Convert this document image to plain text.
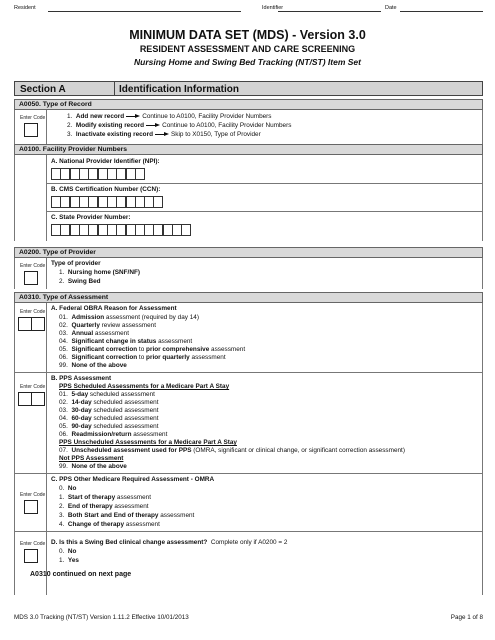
Resident	Identifier	Date
MINIMUM DATA SET (MDS) - Version 3.0
RESIDENT ASSESSMENT AND CARE SCREENING
Nursing Home and Swing Bed Tracking (NT/ST) Item Set
Section A	Identification Information
A0050. Type of Record
Enter Code	1. Add new record	Continue to A0100, Facility Provider Numbers
2. Modify existing record	Continue to A0100, Facility Provider Numbers
3. Inactivate existing record	Skip to X0150, Type of Provider
A0100. Facility Provider Numbers
A. National Provider Identifier (NPI):
B. CMS Certification Number (CCN):
C. State Provider Number:
A0200. Type of Provider
Enter Code Type of provider
1. Nursing home (SNF/NF)
2. Swing Bed
A0310. Type of Assessment
Enter Code A. Federal OBRA Reason for Assessment
01. Admission assessment (required by day 14)
02. Quarterly review assessment
03. Annual assessment
04. Significant change in status assessment
05. Significant correction to prior comprehensive assessment
06. Significant correction to prior quarterly assessment
99. None of the above
Enter Code
B. PPS Assessment
PPS Scheduled Assessments for a Medicare Part A Stay
01. 5-day scheduled assessment
02. 14-day scheduled assessment
03. 30-day scheduled assessment
04. 60-day scheduled assessment
05. 90-day scheduled assessment
06. Readmission/return assessment
PPS Unscheduled Assessments for a Medicare Part A Stay
07. Unscheduled assessment used for PPS (OMRA, significant or clinical change, or significant correction assessment)
Not PPS Assessment
99. None of the above
Enter Code
C. PPS Other Medicare Required Assessment - OMRA
0. No
1. Start of therapy assessment
2. End of therapy assessment
3. Both Start and End of therapy assessment
4. Change of therapy assessment
Enter Code D. Is this a Swing Bed clinical change assessment? Complete only if A0200 = 2
0. No
1. Yes
A0310 continued on next page
MDS 3.0 Tracking (NT/ST) Version 1.11.2 Effective 10/01/2013	Page 1 of 8
